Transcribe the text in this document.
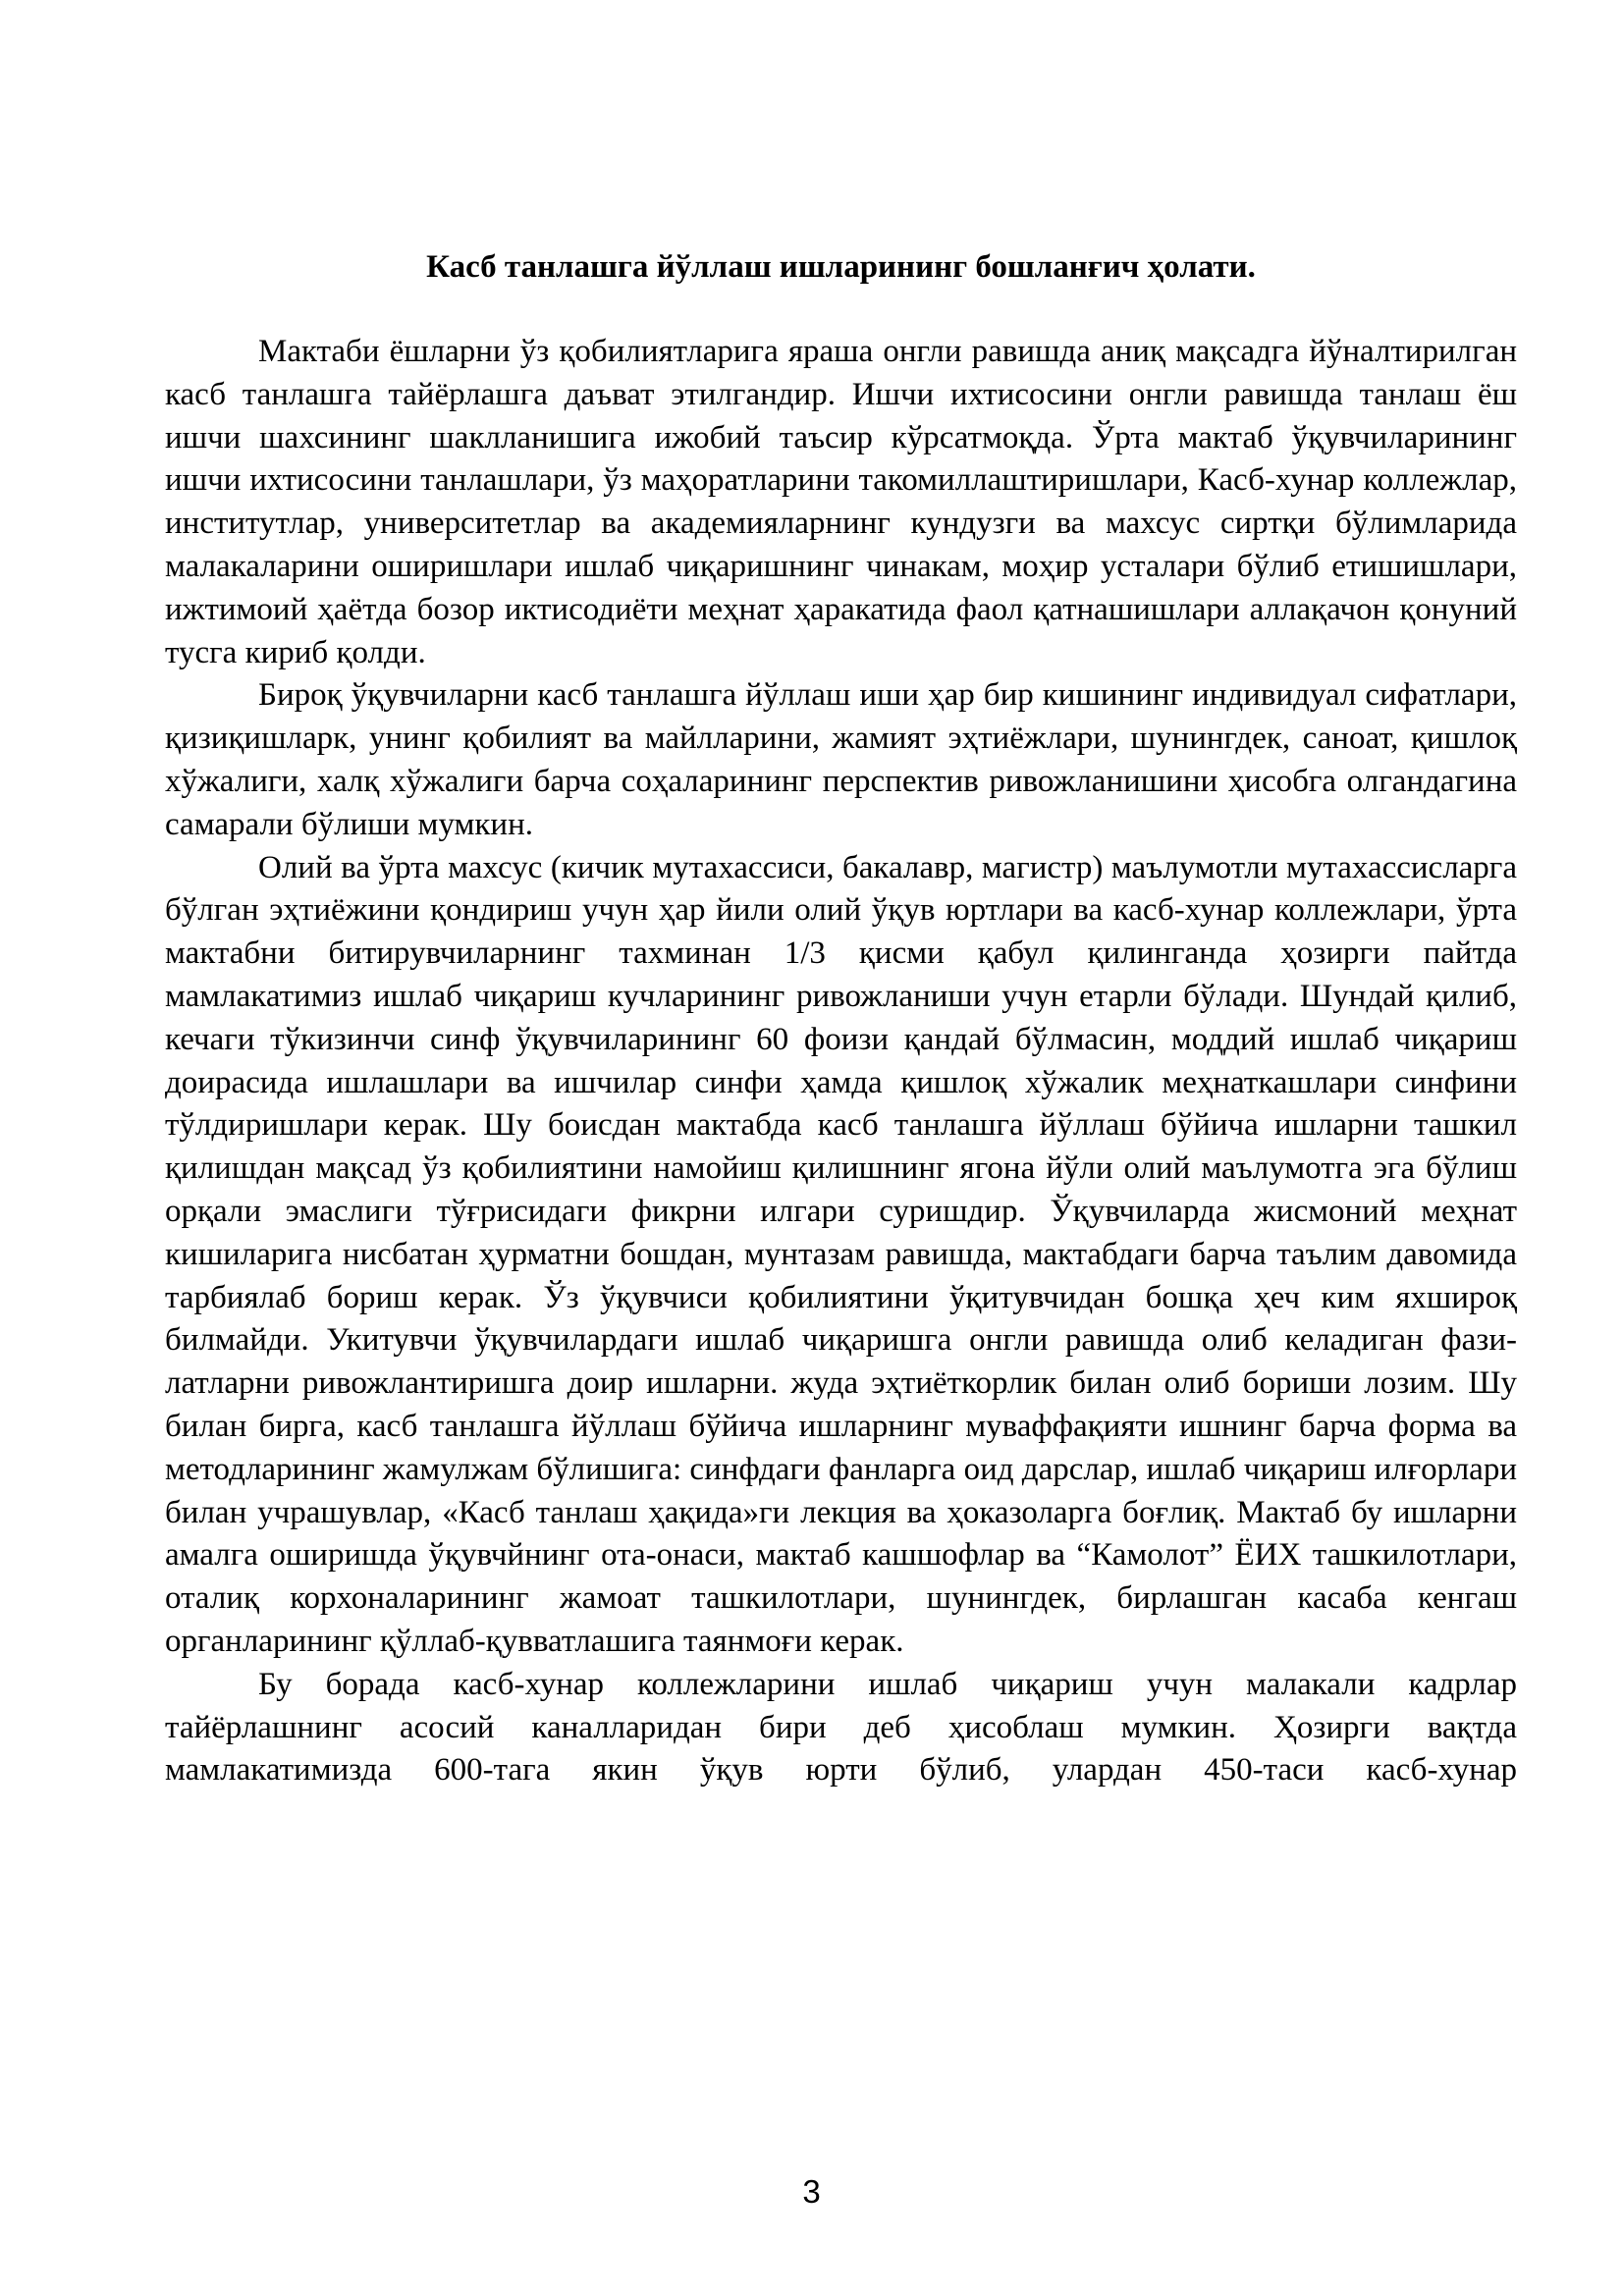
Касб танлашга йўллаш ишларининг бошланғич ҳолати.

Мактаби ёшларни ўз қобилиятларига яраша онгли равишда аниқ мақсадга йўналтирилган касб танлашга тайёрлашга даъват этилгандир. Ишчи ихтисосини онгли равишда танлаш ёш ишчи шахсининг шаклланишига ижобий таъсир кўрсатмоқда. Ўрта мактаб ўқувчиларининг ишчи ихтисосини танлашлари, ўз маҳоратларини такомиллаштиришлари, Касб-хунар коллежлар, институтлар, университетлар ва академияларнинг кундузги ва махсус сиртқи бўлимларида малакаларини оширишлари ишлаб чиқаришнинг чинакам, моҳир усталари бўлиб етишишлари, ижтимоий ҳаётда бозор иктисодиёти меҳнат ҳаракатида фаол қатнашишлари аллақачон қонуний тусга кириб қолди.

Бироқ ўқувчиларни касб танлашга йўллаш иши ҳар бир кишининг индивидуал сифатлари, қизиқишларк, унинг қобилият ва майлларини, жамият эҳтиёжлари, шунингдек, саноат, қишлоқ хўжалиги, халқ хўжалиги барча соҳаларининг перспектив ривожланишини ҳисобга олгандагина самарали бўлиши мумкин.

Олий ва ўрта махсус (кичик мутахассиси, бакалавр, магистр) маълумотли мутахассисларга бўлган эҳтиёжини қондириш учун ҳар йили олий ўқув юртлари ва касб-хунар коллежлари, ўрта мактабни битирувчиларнинг тахминан 1/3 қисми қабул қилинганда ҳозирги пайтда мамлакатимиз ишлаб чиқариш кучларининг ривожланиши учун етарли бўлади. Шундай қилиб, кечаги тўкизинчи синф ўқувчиларининг 60 фоизи қандай бўлмасин, моддий ишлаб чиқариш доирасида ишлашлари ва ишчилар синфи ҳамда қишлоқ хўжалик меҳнаткашлари синфини тўлдиришлари керак. Шу боисдан мактабда касб танлашга йўллаш бўйича ишларни ташкил қилишдан мақсад ўз қобилиятини намойиш қилишнинг ягона йўли олий маълумотга эга бўлиш орқали эмаслиги тўғрисидаги фикрни илгари суришдир. Ўқувчиларда жисмоний меҳнат кишиларига нисбатан ҳурматни бошдан, мунтазам равишда, мактабдаги барча таълим давомида тарбиялаб бориш керак. Ўз ўқувчиси қобилиятини ўқитувчидан бошқа ҳеч ким яхшироқ билмайди. Укитувчи ўқувчилардаги ишлаб чиқаришга онгли равишда олиб келадиган фази-латларни ривожлантиришга доир ишларни. жуда эҳтиёткорлик билан олиб бориши лозим. Шу билан бирга, касб танлашга йўллаш бўйича ишларнинг муваффақияти ишнинг барча форма ва методларининг жамулжам бўлишига: синфдаги фанларга оид дарслар, ишлаб чиқариш илғорлари билан учрашувлар, «Касб танлаш ҳақида»ги лекция ва ҳоказоларга боғлиқ. Мактаб бу ишларни амалга оширишда ўқувчйнинг ота-онаси, мактаб кашшофлар ва “Камолот” ЁИХ ташкилотлари, оталиқ корхоналарининг жамоат ташкилотлари, шунингдек, бирлашган касаба кенгаш органларининг қўллаб-қувватлашига таянмоғи керак.

Бу борада касб-хунар коллежларини ишлаб чиқариш учун малакали кадрлар тайёрлашнинг асосий каналларидан бири деб ҳисоблаш мумкин. Ҳозирги вақтда мамлакатимизда 600-тага якин ўқув юрти бўлиб, улардан 450-таси касб-хунар

3
